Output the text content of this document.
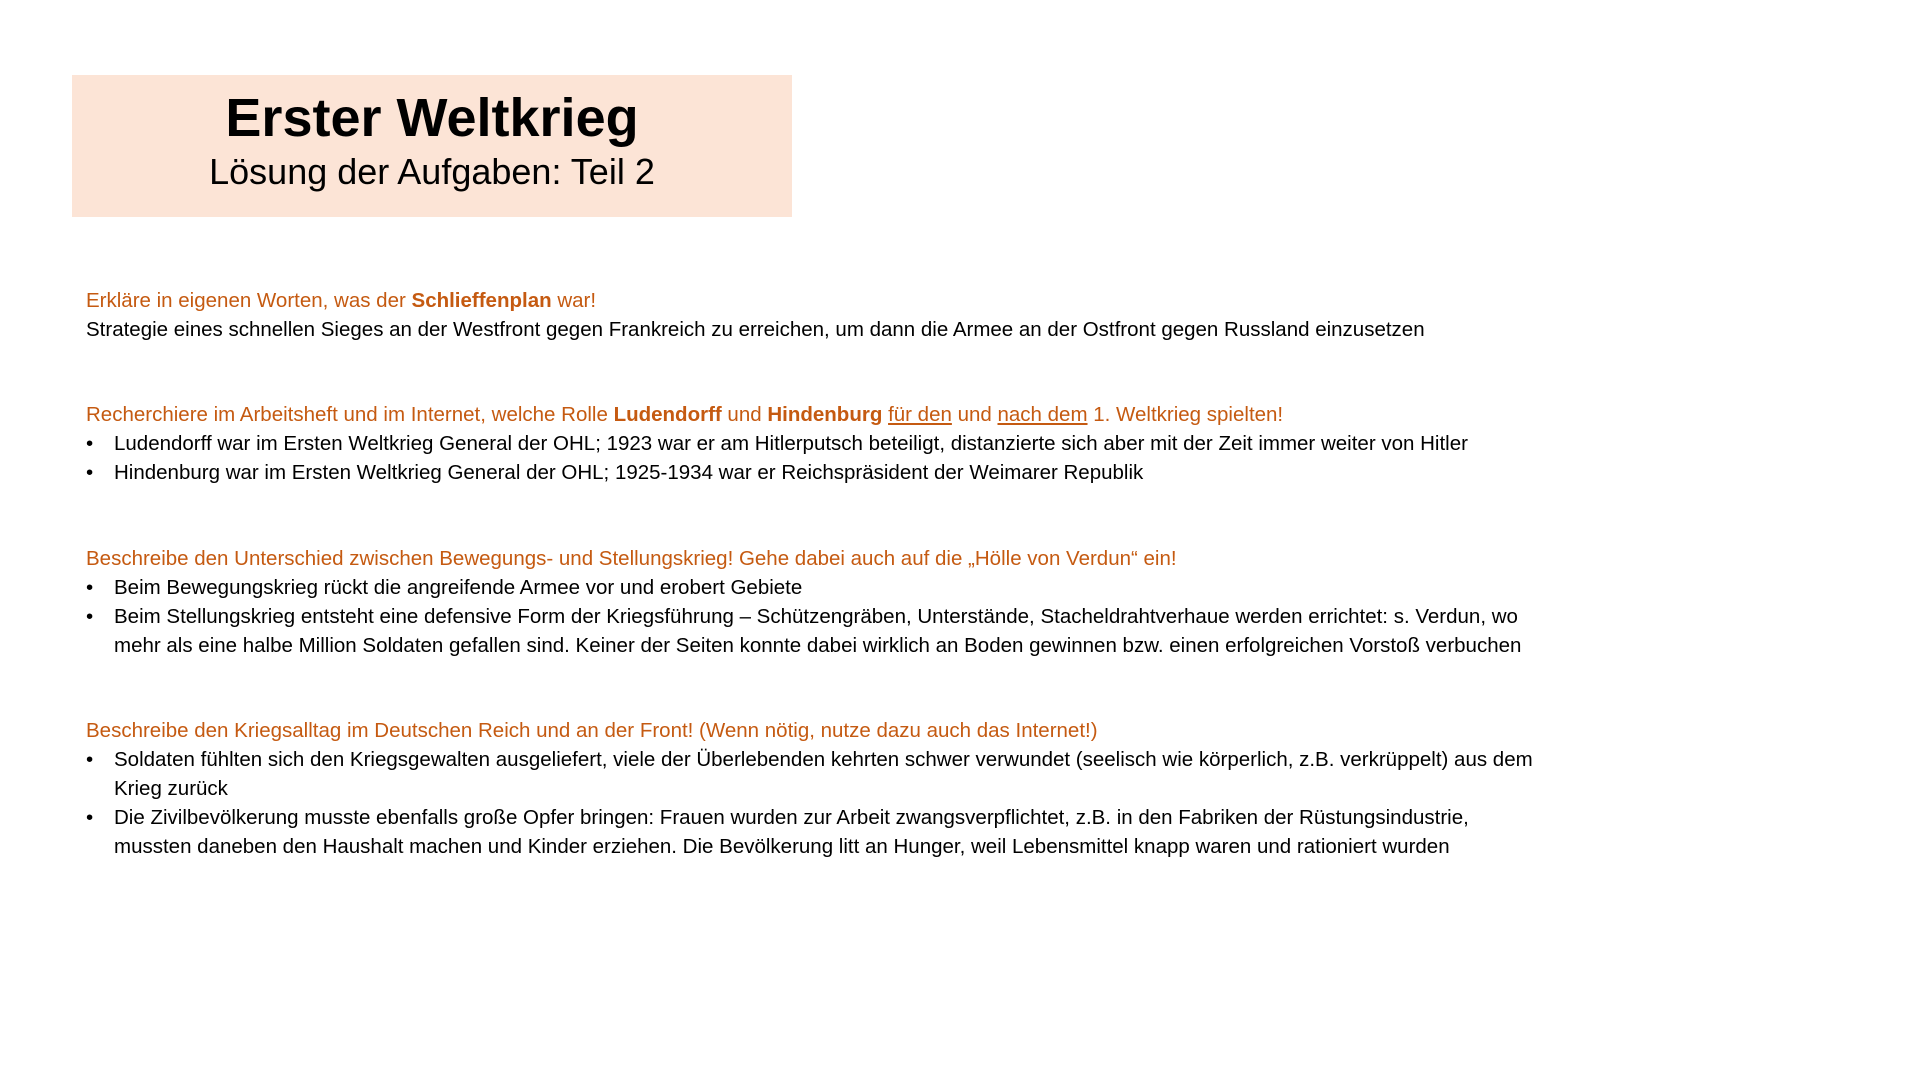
Erster Weltkrieg
Lösung der Aufgaben: Teil 2
Erkläre in eigenen Worten, was der Schlieffenplan war!
Strategie eines schnellen Sieges an der Westfront gegen Frankreich zu erreichen, um dann die Armee an der Ostfront gegen Russland einzusetzen
Recherchiere im Arbeitsheft und im Internet, welche Rolle Ludendorff und Hindenburg für den und nach dem 1. Weltkrieg spielten!
• Ludendorff war im Ersten Weltkrieg General der OHL; 1923 war er am Hitlerputsch beteiligt, distanzierte sich aber mit der Zeit immer weiter von Hitler
• Hindenburg war im Ersten Weltkrieg General der OHL; 1925-1934 war er Reichspräsident der Weimarer Republik
Beschreibe den Unterschied zwischen Bewegungs- und Stellungskrieg! Gehe dabei auch auf die „Hölle von Verdun“ ein!
• Beim Bewegungskrieg rückt die angreifende Armee vor und erobert Gebiete
• Beim Stellungskrieg entsteht eine defensive Form der Kriegsführung – Schützengräben, Unterstände, Stacheldrahtverhaue werden errichtet: s. Verdun, wo mehr als eine halbe Million Soldaten gefallen sind. Keiner der Seiten konnte dabei wirklich an Boden gewinnen bzw. einen erfolgreichen Vorstoß verbuchen
Beschreibe den Kriegsalltag im Deutschen Reich und an der Front! (Wenn nötig, nutze dazu auch das Internet!)
• Soldaten fühlten sich den Kriegsgewalten ausgeliefert, viele der Überlebenden kehrten schwer verwundet (seelisch wie körperlich, z.B. verkrüppelt) aus dem Krieg zurück
• Die Zivilbevölkerung musste ebenfalls große Opfer bringen: Frauen wurden zur Arbeit zwangsverpflichtet, z.B. in den Fabriken der Rüstungsindustrie, mussten daneben den Haushalt machen und Kinder erziehen. Die Bevölkerung litt an Hunger, weil Lebensmittel knapp waren und rationiert wurden
